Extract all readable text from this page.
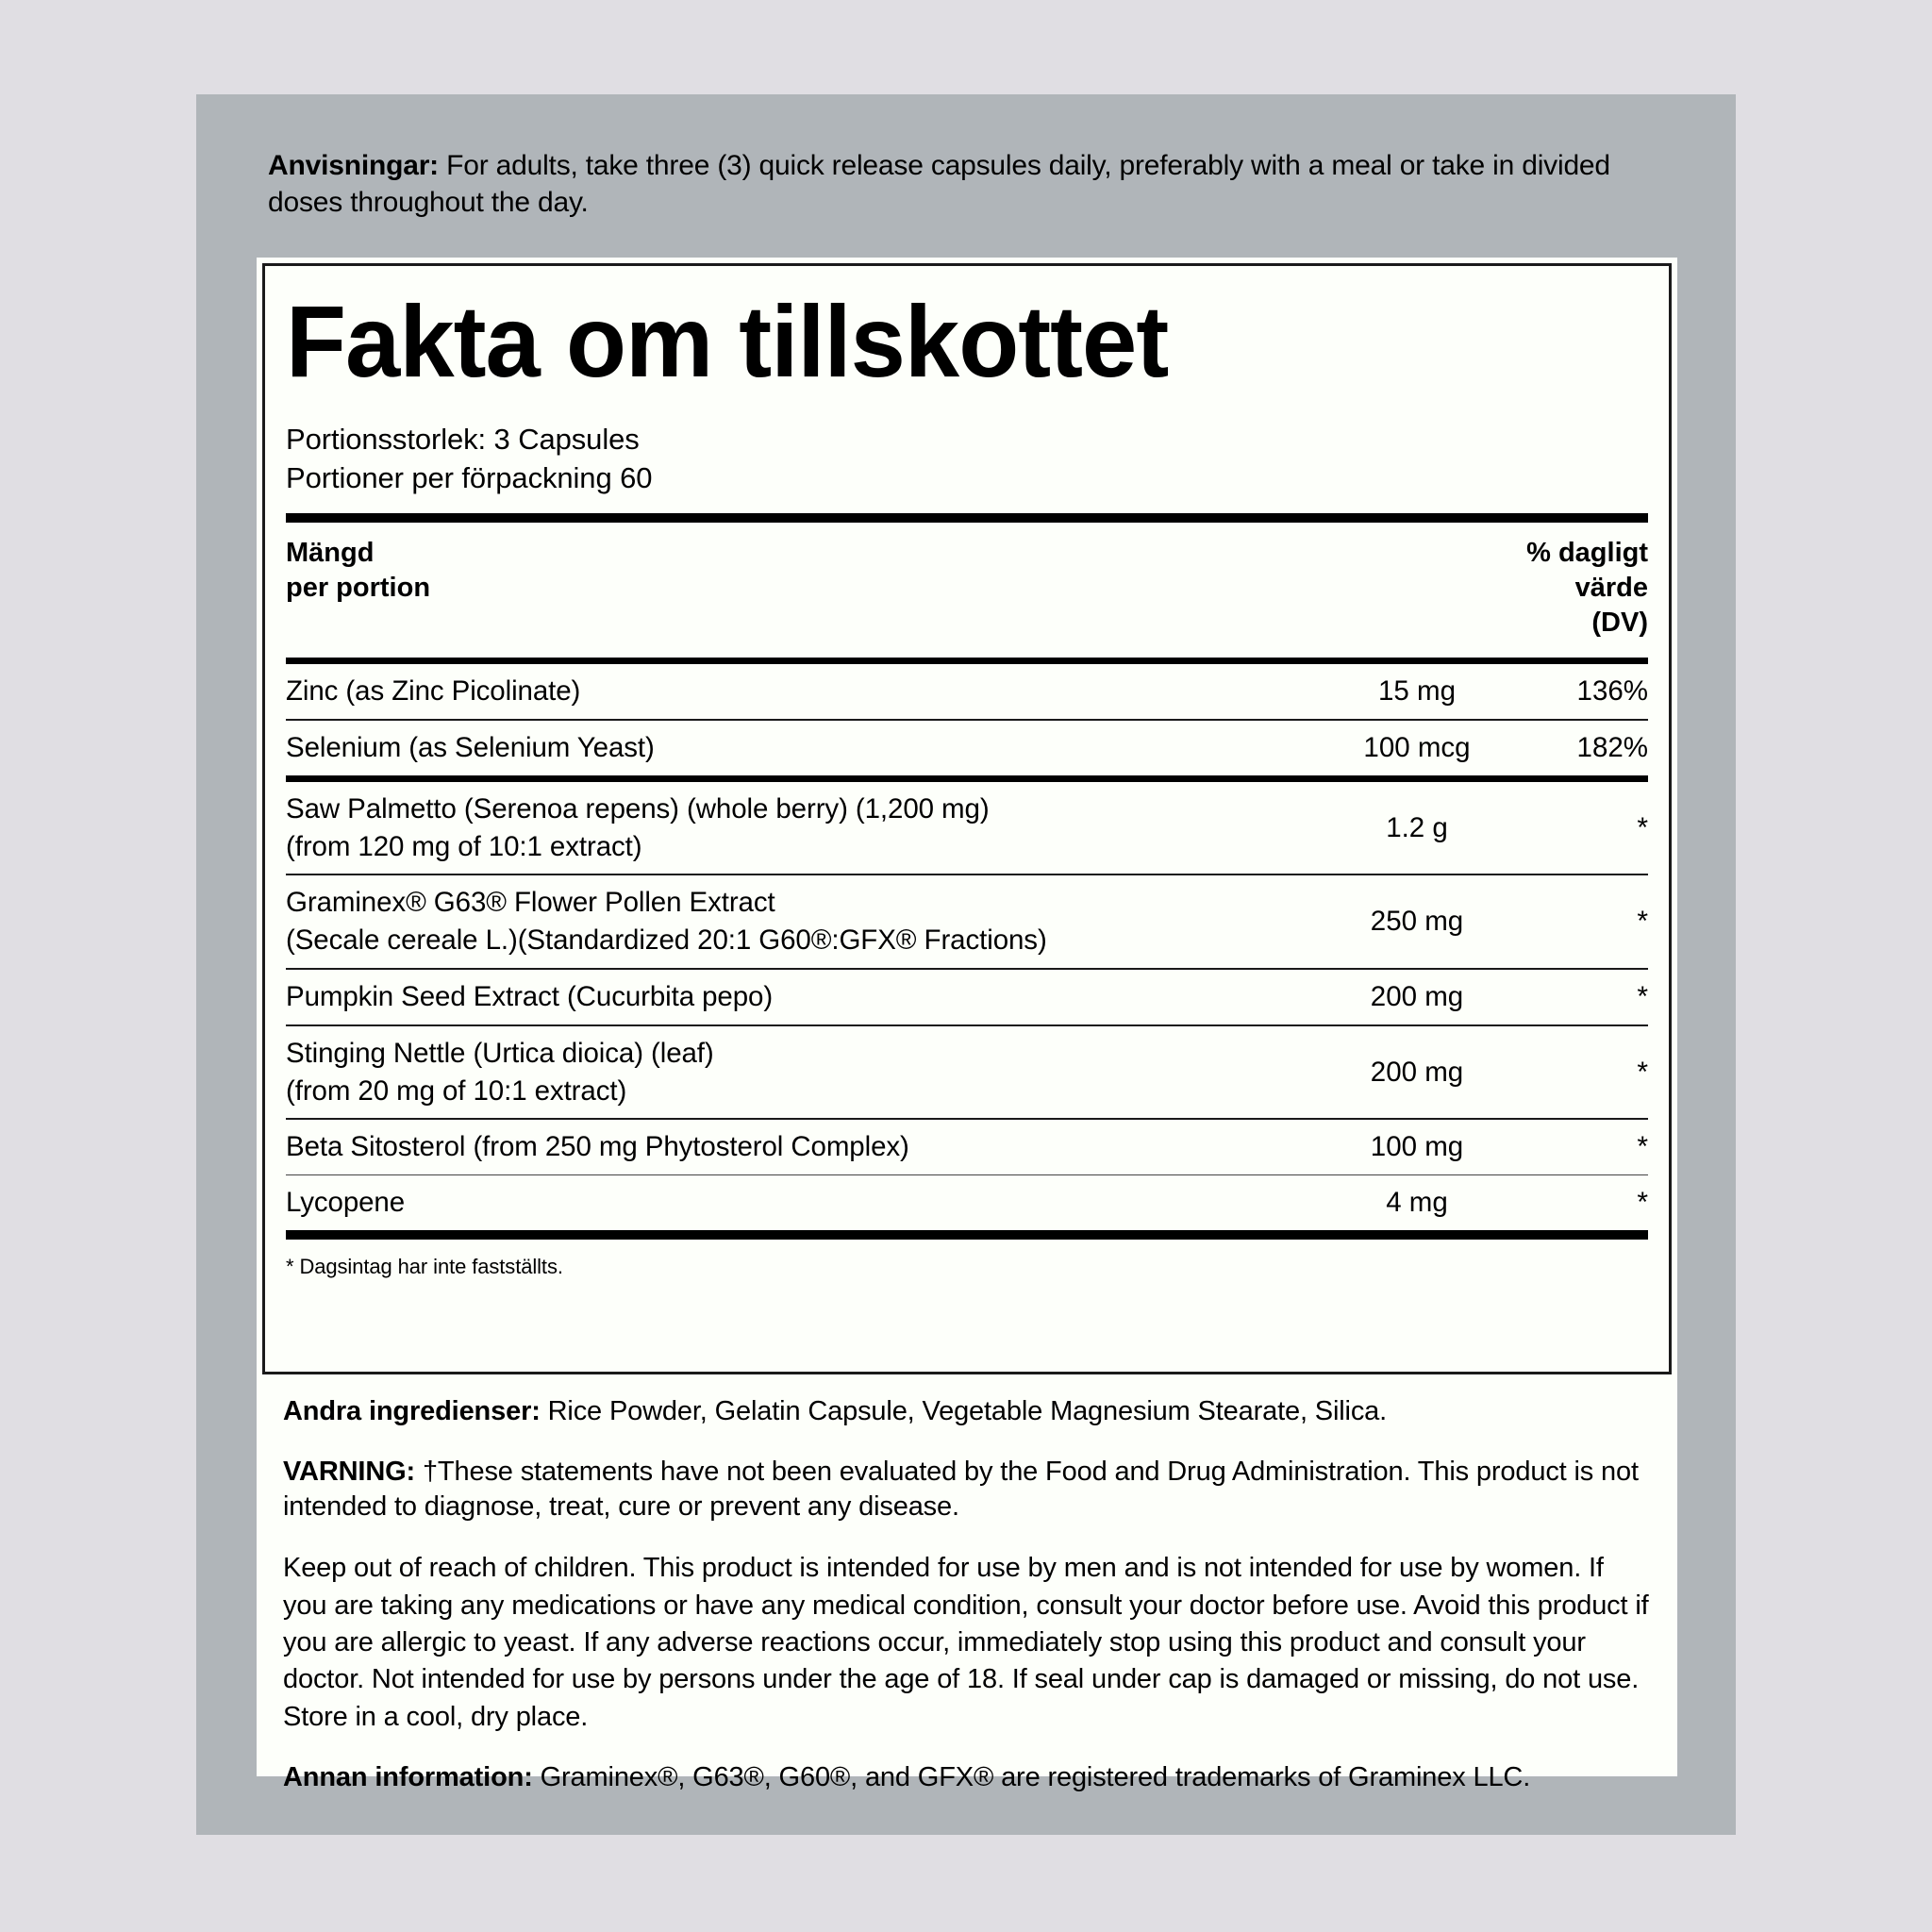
Anvisningar: For adults, take three (3) quick release capsules daily, preferably with a meal or take in divided doses throughout the day.
Fakta om tillskottet
Portionsstorlek: 3 Capsules
Portioner per förpackning 60
Mängd
per portion
% dagligt
värde
(DV)
Zinc (as Zinc Picolinate)	15 mg	136%

Selenium (as Selenium Yeast)	100 mcg	182%

Saw Palmetto (Serenoa repens) (whole berry) (1,200 mg)
(from 120 mg of 10:1 extract)	1.2 g	*

Graminex® G63® Flower Pollen Extract
(Secale cereale L.)(Standardized 20:1 G60®:GFX® Fractions)	250 mg	*

Pumpkin Seed Extract (Cucurbita pepo)	200 mg	*

Stinging Nettle (Urtica dioica) (leaf)
(from 20 mg of 10:1 extract)	200 mg	*

Beta Sitosterol (from 250 mg Phytosterol Complex)	100 mg	*

Lycopene	4 mg	*
* Dagsintag har inte fastställts.

Andra ingredienser: Rice Powder, Gelatin Capsule, Vegetable Magnesium Stearate, Silica.

VARNING: †These statements have not been evaluated by the Food and Drug Administration. This product is not intended to diagnose, treat, cure or prevent any disease.

Keep out of reach of children. This product is intended for use by men and is not intended for use by women. If you are taking any medications or have any medical condition, consult your doctor before use. Avoid this product if you are allergic to yeast. If any adverse reactions occur, immediately stop using this product and consult your doctor. Not intended for use by persons under the age of 18. If seal under cap is damaged or missing, do not use. Store in a cool, dry place.

Annan information: Graminex®, G63®, G60®, and GFX® are registered trademarks of Graminex LLC.
